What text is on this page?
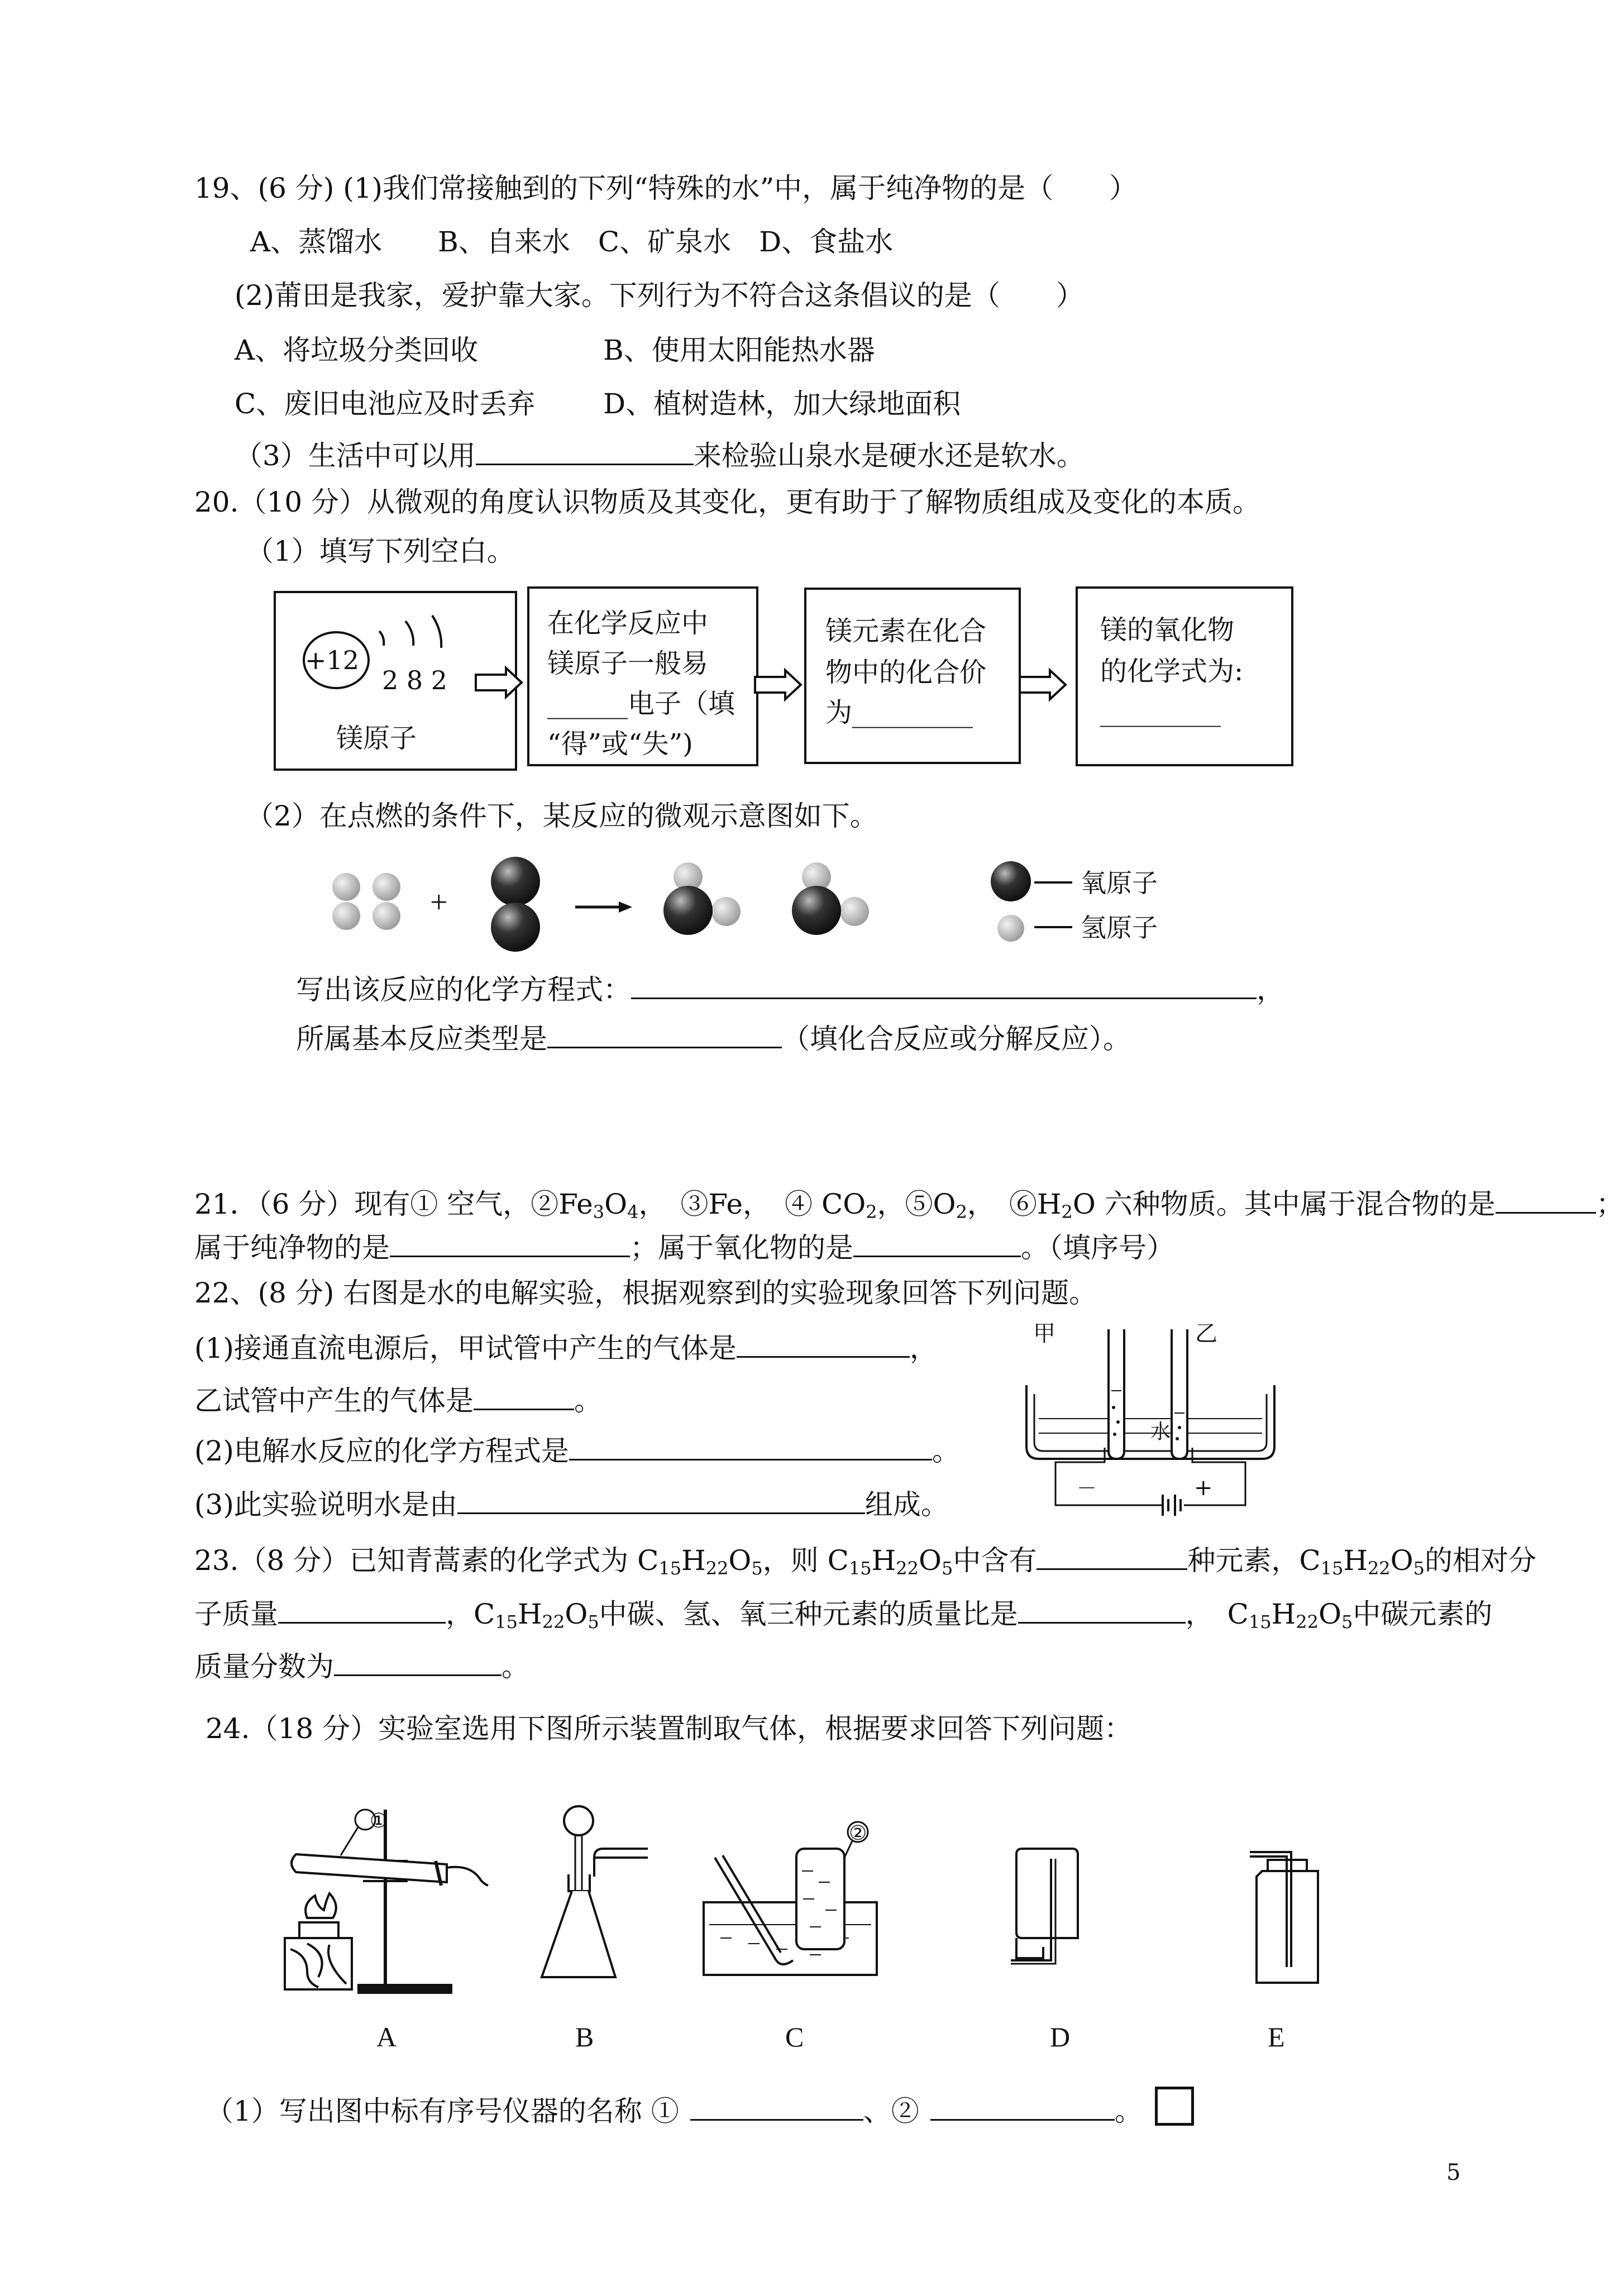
19、(6 分) (1)我们常接触到的下列“特殊的水”中，属于纯净物的是（　　）
A、蒸馏水　　B、自来水　C、矿泉水　D、食盐水
(2)莆田是我家，爱护靠大家。下列行为不符合这条倡议的是（　　）
A、将垃圾分类回收	B、使用太阳能热水器
C、废旧电池应及时丢弃 D、植树造林，加大绿地面积
（3）生活中可以用	来检验山泉水是硬水还是软水。
20.（10 分）从微观的角度认识物质及其变化，更有助于了解物质组成及变化的本质。
（1）填写下列空白。
+12
2 8 2
镁原子
在化学反应中
镁原子一般易
______电子（填
“得”或“失”)
镁元素在化合
物中的化合价
为_________
镁的氧化物
的化学式为:
_________
（2）在点燃的条件下，某反应的微观示意图如下。
+
氧原子
氢原子
写出该反应的化学方程式：	，
所属基本反应类型是	（填化合反应或分解反应）。
21．（6 分）现有① 空气，$②Fe_3O_4$，　③Fe，　④ $CO_2$，$⑤O_2$，　$⑥H_2O$ 六种物质。其中属于混合物的是	；
属于纯净物的是	；属于氧化物的是	。（填序号）
22、(8 分) 右图是水的电解实验，根据观察到的实验现象回答下列问题。
(1)接通直流电源后，甲试管中产生的气体是	，
乙试管中产生的气体是	。
(2)电解水反应的化学方程式是	。
(3)此实验说明水是由	组成。
甲	乙
水
－	+
23.（8 分）已知青蒿素的化学式为 $C_{15}H_{22}O_5$，则 $C_{15}H_{22}O_5$中含有	种元素，$C_{15}H_{22}O_5$的相对分
子质量	，$C_{15}H_{22}O_5$中碳、氢、氧三种元素的质量比是	，　$C_{15}H_{22}O_5$中碳元素的
质量分数为	。
24.（18 分）实验室选用下图所示装置制取气体，根据要求回答下列问题：
①
②
A	B	C	D	E
（1）写出图中标有序号仪器的名称 ①	、②	。
5
